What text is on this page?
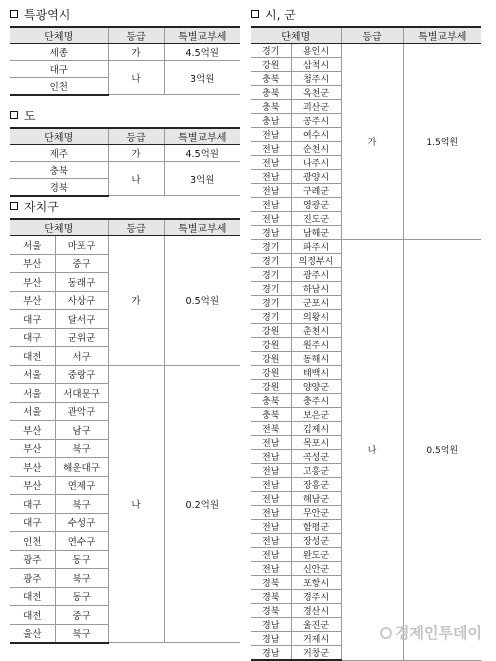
특광역시
단체명	등급	특별교부세
세종	가	4.5억원
대구	나	3억원
인천		
도
단체명	등급	특별교부세
제주	가	4.5억원
충북	나	3억원
경북		
자치구
단체명		등급	특별교부세
서울	마포구	가	0.5억원
부산	중구		
부산	동래구		
부산	사상구		
대구	달서구		
대구	군위군		
대전	서구		
서울	중랑구	나	0.2억원
서울	서대문구		
서울	관악구		
부산	남구		
부산	북구		
부산	해운대구		
부산	연제구		
대구	북구		
대구	수성구		
인천	연수구		
광주	동구		
광주	북구		
대전	동구		
대전	중구		
울산	북구		
시, 군
단체명		등급	특별교부세
경기	용인시	가	1.5억원
강원	삼척시		
충북	청주시		
충북	옥천군		
충북	괴산군		
충남	공주시		
전남	여수시		
전남	순천시		
전남	나주시		
전남	광양시		
전남	구례군		
전남	영광군		
전남	진도군		
경남	남해군		
경기	파주시	나	0.5억원
경기	의정부시		
경기	광주시		
경기	하남시		
경기	군포시		
경기	의왕시		
강원	춘천시		
강원	원주시		
강원	동해시		
강원	태백시		
강원	양양군		
충북	충주시		
충북	보은군		
전북	김제시		
전남	목포시		
전남	곡성군		
전남	고흥군		
전남	장흥군		
전남	해남군		
전남	무안군		
전남	함평군		
전남	장성군		
전남	완도군		
전남	신안군		
경북	포항시		
경북	경주시		
경북	경산시		
경남	울진군		
경남	거제시		
경남	거창군		
경제인투데이
